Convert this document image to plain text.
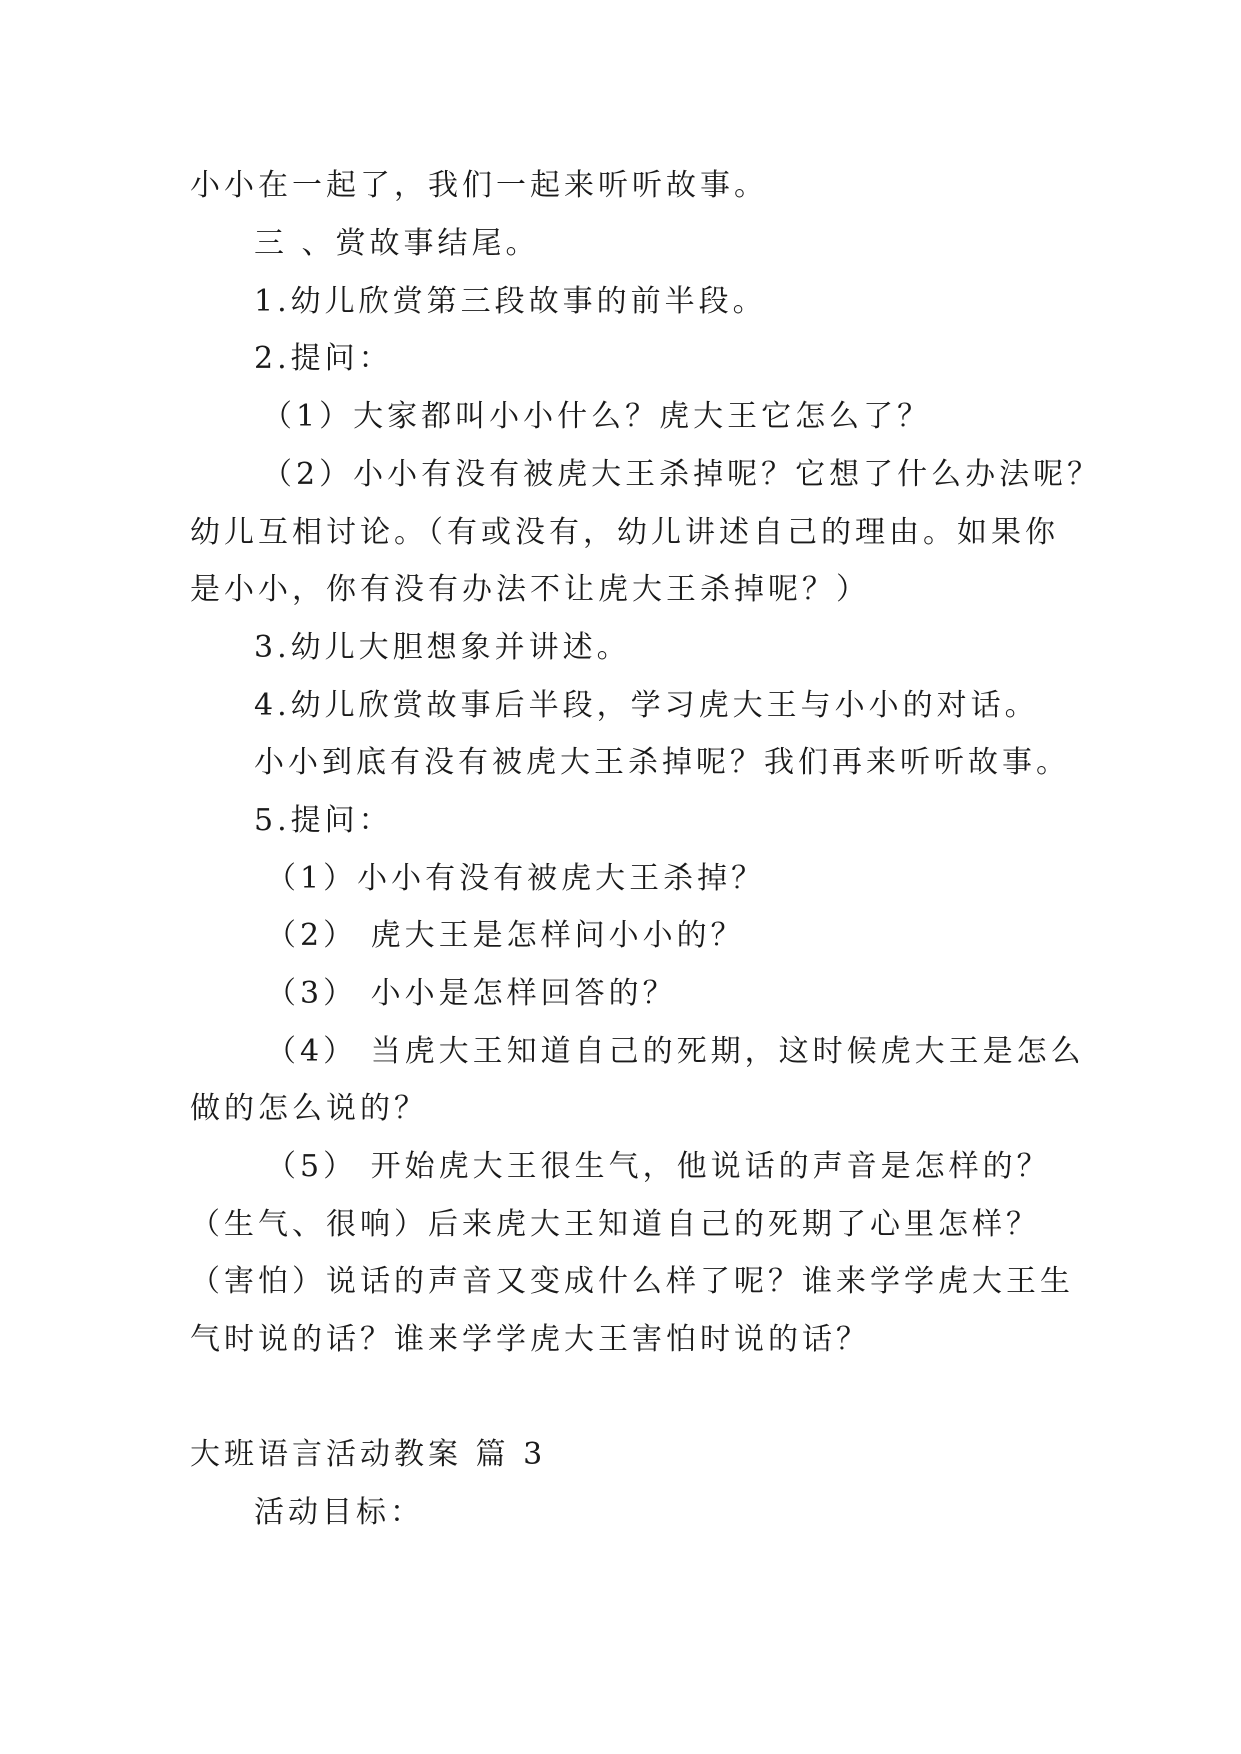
小小在一起了，我们一起来听听故事。
三 、赏故事结尾。
1.幼儿欣赏第三段故事的前半段。
2.提问：
（1）大家都叫小小什么？虎大王它怎么了？
（2）小小有没有被虎大王杀掉呢？它想了什么办法呢？
幼儿互相讨论。（有或没有，幼儿讲述自己的理由。如果你
是小小，你有没有办法不让虎大王杀掉呢？）
3.幼儿大胆想象并讲述。
4.幼儿欣赏故事后半段，学习虎大王与小小的对话。
小小到底有没有被虎大王杀掉呢？我们再来听听故事。
5.提问：
（1）小小有没有被虎大王杀掉？
（2） 虎大王是怎样问小小的？
（3） 小小是怎样回答的？
（4） 当虎大王知道自己的死期，这时候虎大王是怎么
做的怎么说的？
（5） 开始虎大王很生气，他说话的声音是怎样的？
（生气、很响）后来虎大王知道自己的死期了心里怎样？
（害怕）说话的声音又变成什么样了呢？谁来学学虎大王生
气时说的话？谁来学学虎大王害怕时说的话？
大班语言活动教案 篇 3
活动目标：
